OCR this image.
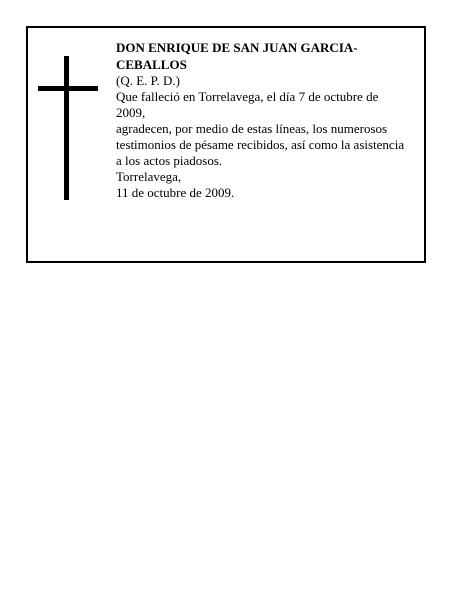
DON ENRIQUE DE SAN JUAN GARCIA-
CEBALLOS
(Q. E. P. D.)
Que falleció en Torrelavega, el día 7 de octubre de
2009,
agradecen, por medio de estas líneas, los numerosos
testimonios de pésame recibidos, así como la asistencia
a los actos piadosos.
Torrelavega,
11 de octubre de 2009.
